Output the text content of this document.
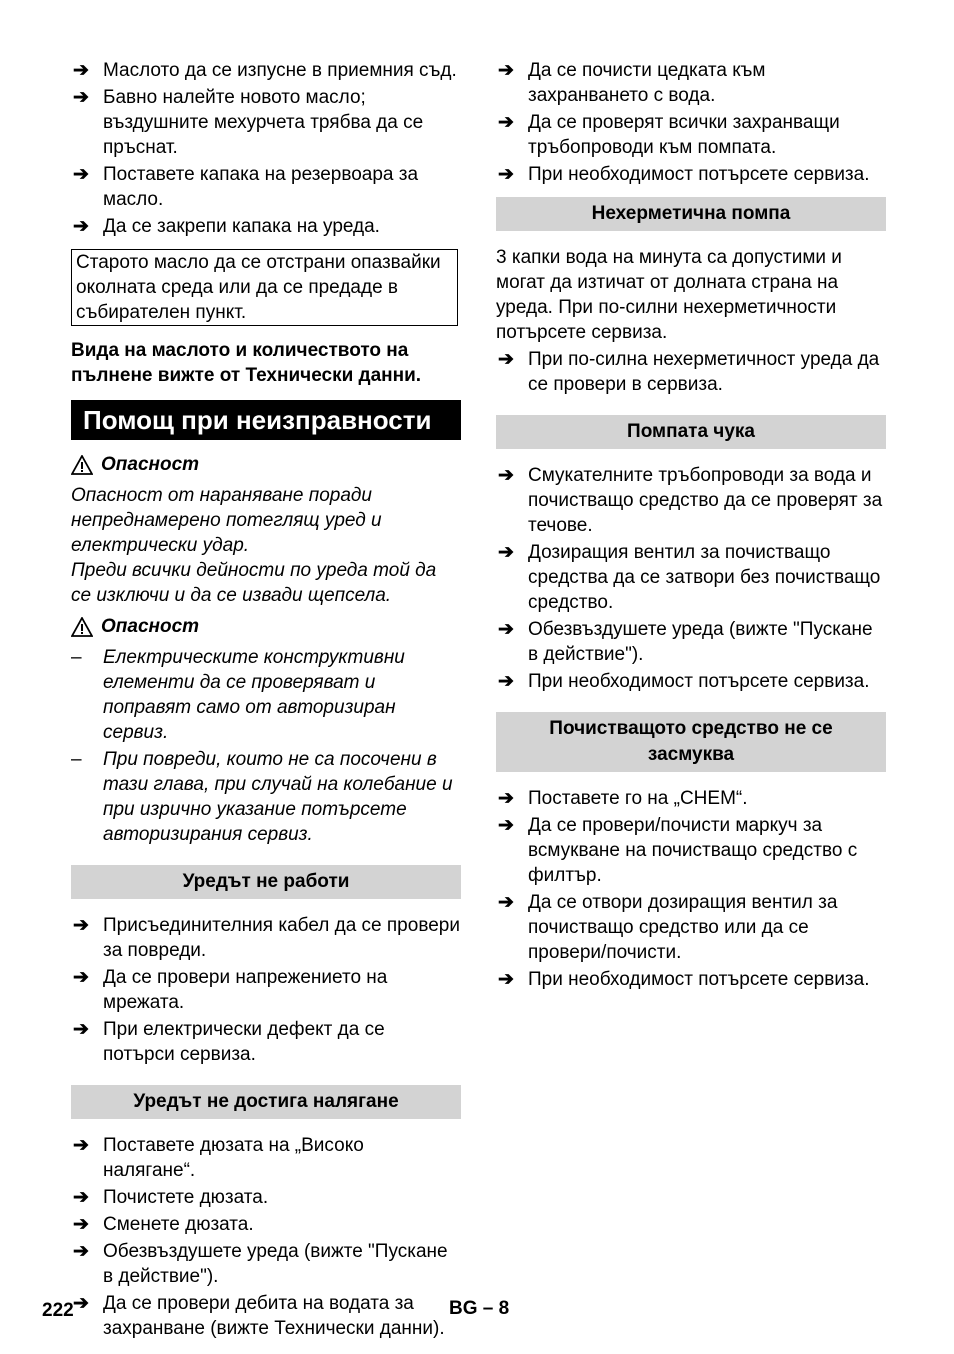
➔ Маслото да се изпусне в приемния съд.
➔ Бавно налейте новото масло; въздушните мехурчета трябва да се пръснат.
➔ Поставете капака на резервоара за масло.
➔ Да се закрепи капака на уреда.
Старото масло да се отстрани опазвайки околната среда или да се предаде в събирателен пункт.

Вида на маслото и количеството на пълнене вижте от Технически данни.

Помощ при неизправности
Опасност

Опасност от нараняване поради непреднамерено потеглящ уред и електрически удар.

Преди всички дейности по уреда той да се изключи и да се извади щепсела.

Опасност
– Електрическите конструктивни елементи да се проверяват и поправят само от авторизиран сервиз.
– При повреди, които не са посочени в тази глава, при случай на колебание и при изрично указание потърсете авторизирания сервиз.
Уредът не работи
➔ Присъединителния кабел да се провери за повреди.
➔ Да се провери напрежението на мрежата.
➔ При електрически дефект да се потърси сервиза.
Уредът не достига налягане
➔ Поставете дюзата на „Високо налягане“.
➔ Почистете дюзата.
➔ Сменете дюзата.
➔ Обезвъздушете уреда (вижте "Пускане в действие").
➔ Да се провери дебита на водата за захранване (вижте Технически данни).
➔ Да се почисти цедката към захранването с вода.
➔ Да се проверят всички захранващи тръбопроводи към помпата.
➔ При необходимост потърсете сервиза.
Нехерметична помпа

3 капки вода на минута са допустими и могат да изтичат от долната страна на уреда. При по-силни нехерметичности потърсете сервиза.

➔ При по-силна нехерметичност уреда да се провери в сервиза.
Помпата чука
➔ Смукателните тръбопроводи за вода и почистващо средство да се проверят за течове.
➔ Дозиращия вентил за почистващо средства да се затвори без почистващо средство.
➔ Обезвъздушете уреда (вижте "Пускане в действие").
➔ При необходимост потърсете сервиза.
Почистващото средство не се засмуква
➔ Поставете го на „CHEM“.
➔ Да се провери/почисти маркуч за всмукване на почистващо средство с филтър.
➔ Да се отвори дозиращия вентил за почистващо средство или да се провери/почисти.
➔ При необходимост потърсете сервиза.
222	BG – 8
